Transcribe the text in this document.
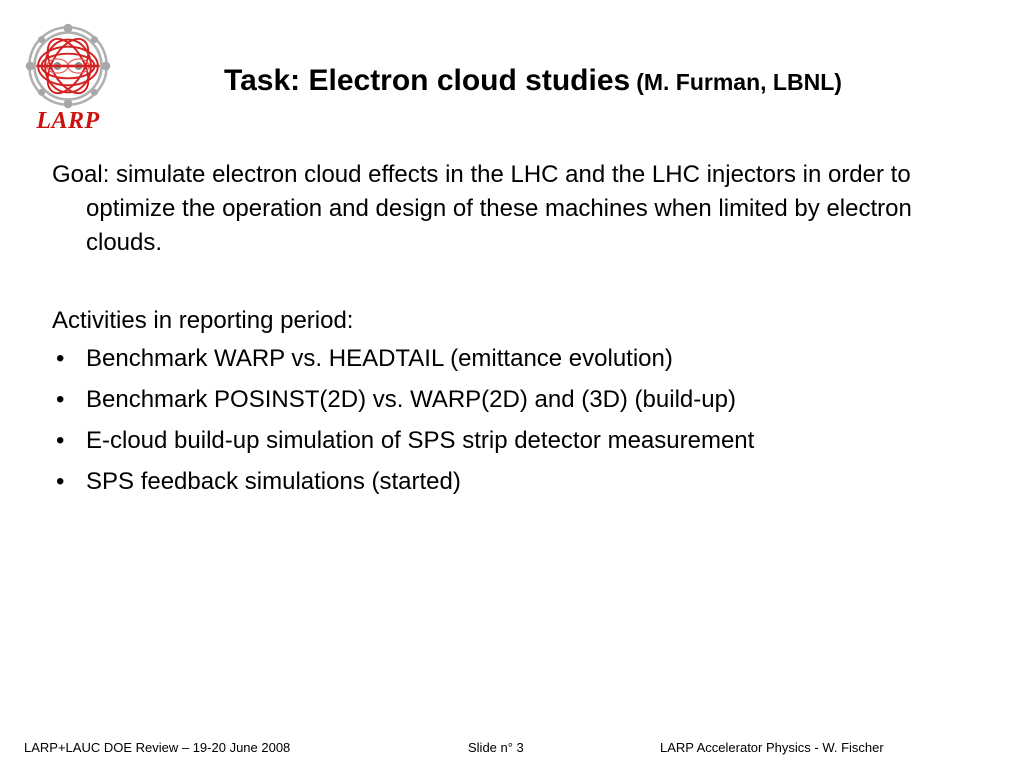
LARP
Task: Electron cloud studies (M. Furman, LBNL)

Goal: simulate electron cloud effects in the LHC and the LHC injectors in order to optimize the operation and design of these machines when limited by electron clouds.

Activities in reporting period:
• Benchmark WARP vs. HEADTAIL (emittance evolution)
• Benchmark POSINST(2D) vs. WARP(2D) and (3D) (build-up)
• E-cloud build-up simulation of SPS strip detector measurement
• SPS feedback simulations (started)
LARP+LAUC DOE Review – 19-20 June 2008	Slide n° 3	LARP Accelerator Physics - W. Fischer
